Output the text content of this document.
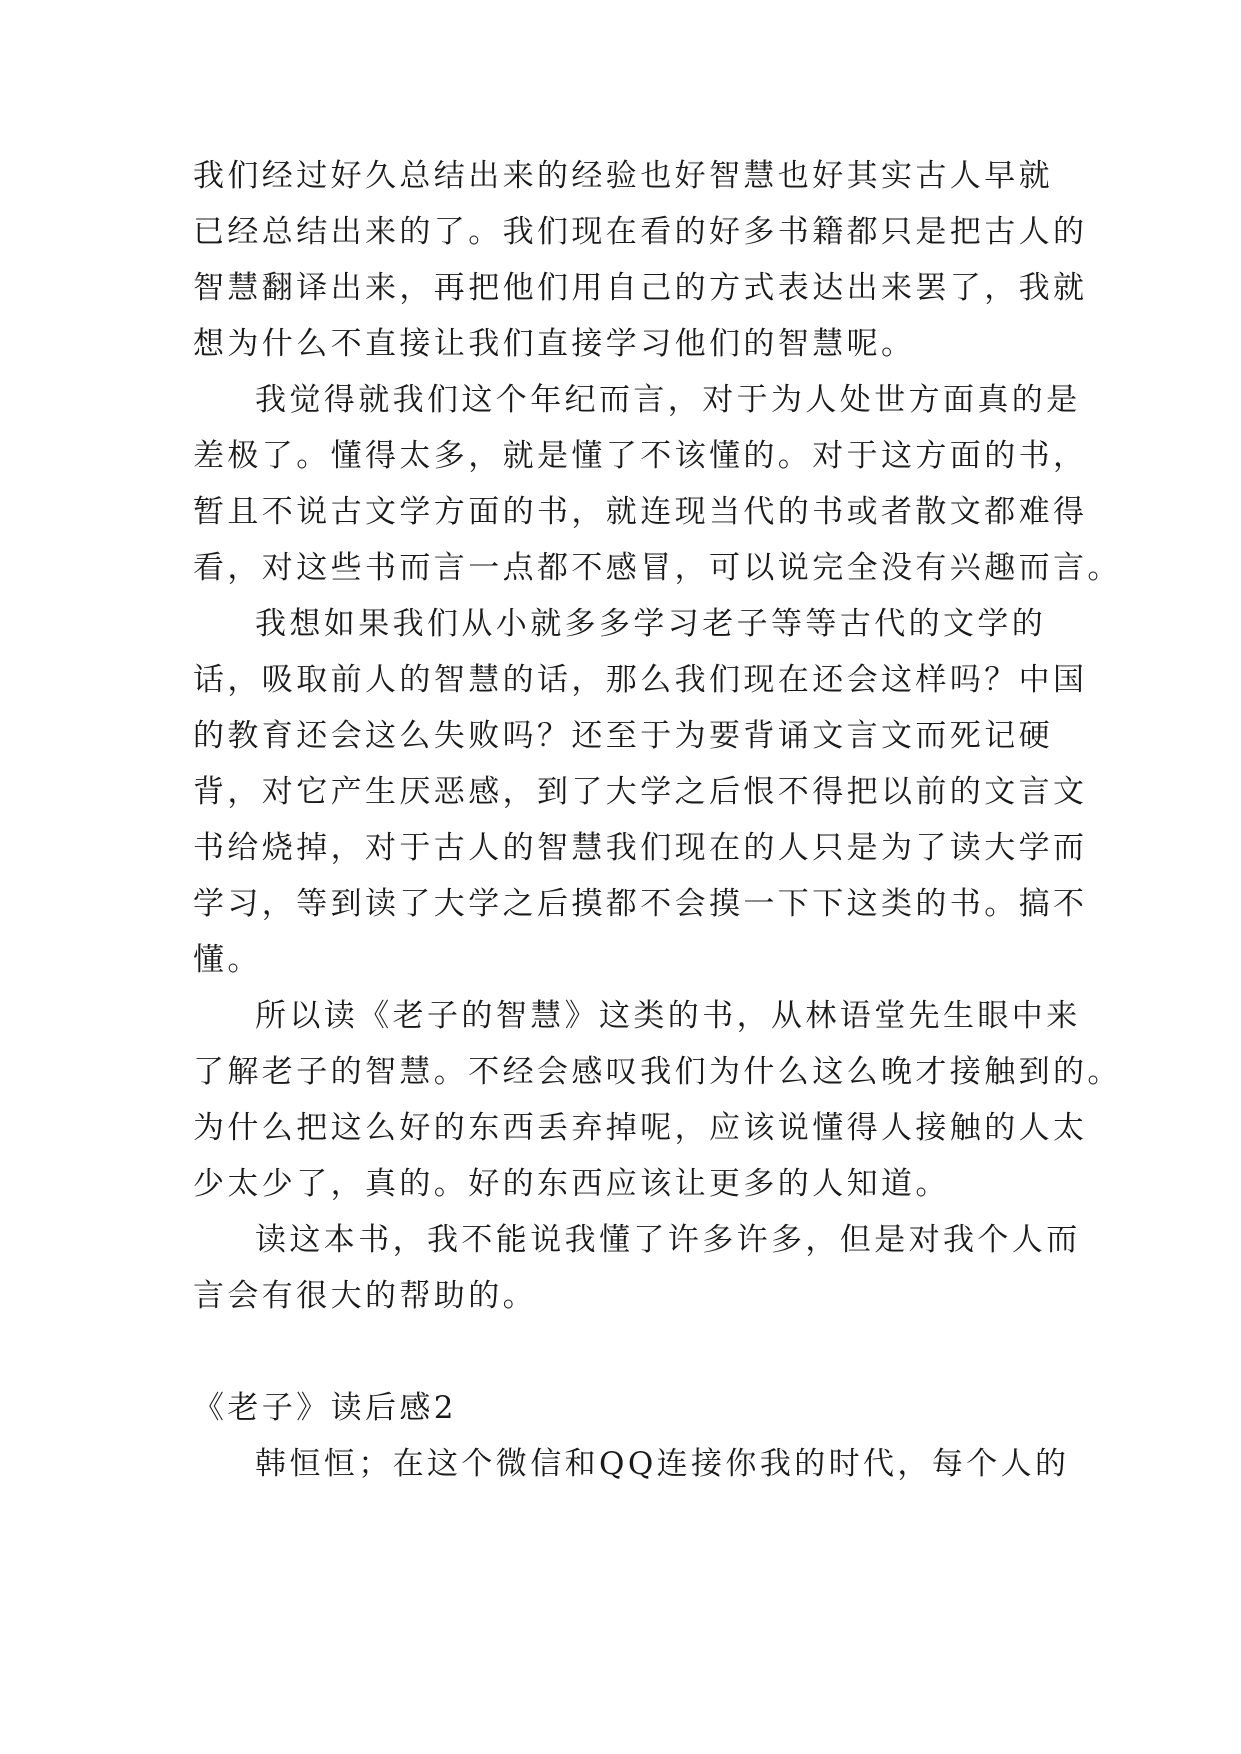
我们经过好久总结出来的经验也好智慧也好其实古人早就
已经总结出来的了。我们现在看的好多书籍都只是把古人的
智慧翻译出来，再把他们用自己的方式表达出来罢了，我就
想为什么不直接让我们直接学习他们的智慧呢。
我觉得就我们这个年纪而言，对于为人处世方面真的是
差极了。懂得太多，就是懂了不该懂的。对于这方面的书，
暂且不说古文学方面的书，就连现当代的书或者散文都难得
看，对这些书而言一点都不感冒，可以说完全没有兴趣而言。
我想如果我们从小就多多学习老子等等古代的文学的
话，吸取前人的智慧的话，那么我们现在还会这样吗？中国
的教育还会这么失败吗？还至于为要背诵文言文而死记硬
背，对它产生厌恶感，到了大学之后恨不得把以前的文言文
书给烧掉，对于古人的智慧我们现在的人只是为了读大学而
学习，等到读了大学之后摸都不会摸一下下这类的书。搞不
懂。
所以读《老子的智慧》这类的书，从林语堂先生眼中来
了解老子的智慧。不经会感叹我们为什么这么晚才接触到的。
为什么把这么好的东西丢弃掉呢，应该说懂得人接触的人太
少太少了，真的。好的东西应该让更多的人知道。
读这本书，我不能说我懂了许多许多，但是对我个人而
言会有很大的帮助的。
《老子》读后感2
韩恒恒；在这个微信和QQ连接你我的时代，每个人的
